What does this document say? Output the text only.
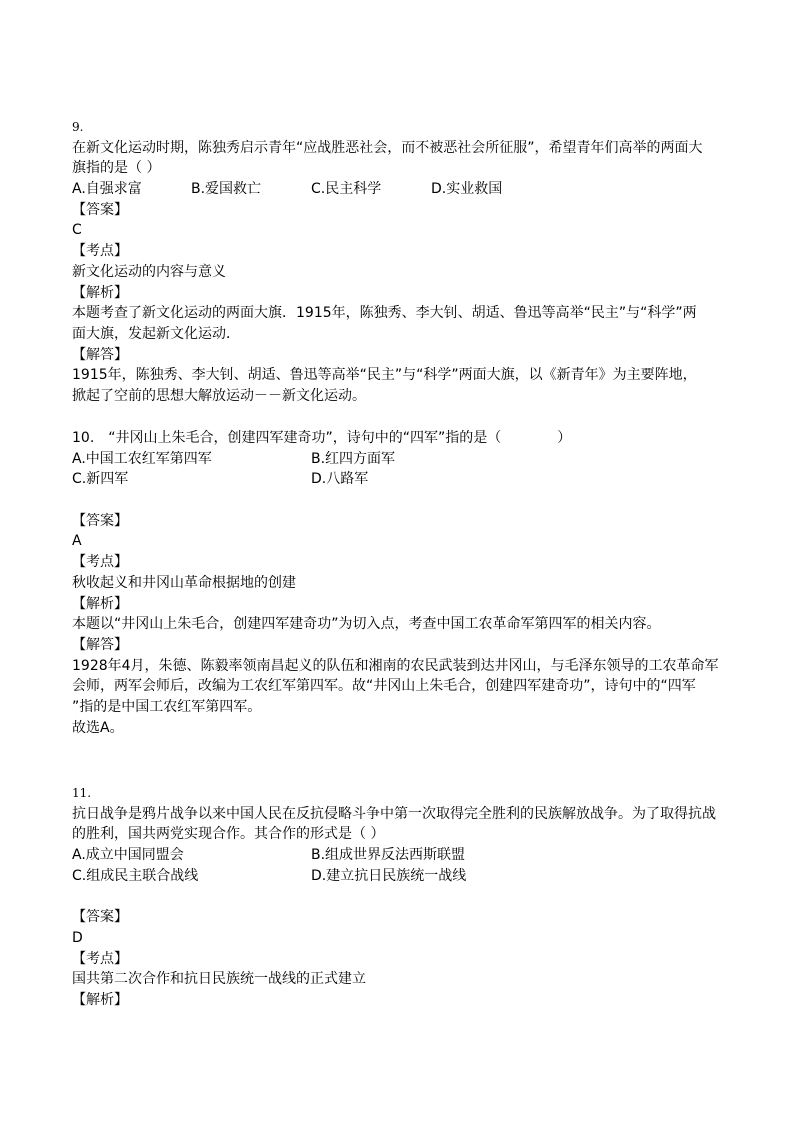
9.
在新文化运动时期，陈独秀启示青年“应战胜恶社会，而不被恶社会所征服”，希望青年们高举的两面大
旗指的是（ ）
A.自强求富	B.爱国救亡	C.民主科学	D.实业救国
【答案】
C
【考点】
新文化运动的内容与意义
【解析】
本题考查了新文化运动的两面大旗．1915年，陈独秀、李大钊、胡适、鲁迅等高举“民主”与“科学”两
面大旗，发起新文化运动．
【解答】
1915年，陈独秀、李大钊、胡适、鲁迅等高举“民主”与“科学”两面大旗，以《新青年》为主要阵地，
掀起了空前的思想大解放运动－－新文化运动。
10.　“井冈山上朱毛合，创建四军建奇功”，诗句中的“四军”指的是（　　　　）
A.中国工农红军第四军	B.红四方面军
C.新四军	D.八路军
【答案】
A
【考点】
秋收起义和井冈山革命根据地的创建
【解析】
本题以“井冈山上朱毛合，创建四军建奇功”为切入点，考查中国工农革命军第四军的相关内容。
【解答】
1928年4月，朱德、陈毅率领南昌起义的队伍和湘南的农民武装到达井冈山，与毛泽东领导的工农革命军
会师，两军会师后，改编为工农红军第四军。故“井冈山上朱毛合，创建四军建奇功”，诗句中的“四军
”指的是中国工农红军第四军。
故选A。
11.
抗日战争是鸦片战争以来中国人民在反抗侵略斗争中第一次取得完全胜利的民族解放战争。为了取得抗战
的胜利，国共两党实现合作。其合作的形式是（ ）
A.成立中国同盟会	B.组成世界反法西斯联盟
C.组成民主联合战线	D.建立抗日民族统一战线
【答案】
D
【考点】
国共第二次合作和抗日民族统一战线的正式建立
【解析】
